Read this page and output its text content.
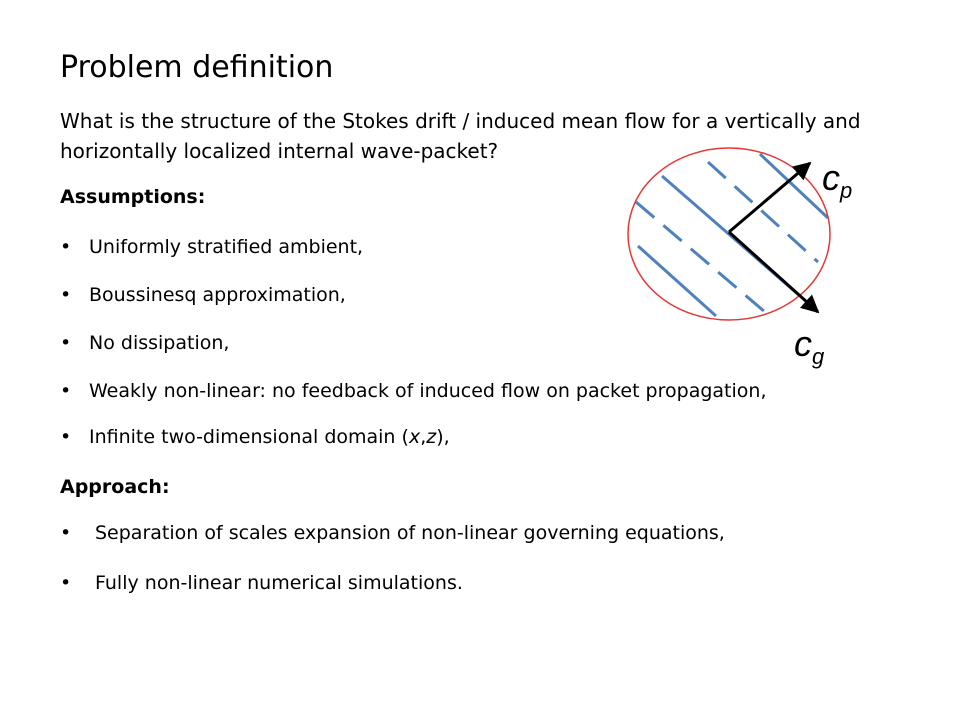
Problem definition
What is the structure of the Stokes drift / induced mean flow for a vertically and horizontally localized internal wave-packet?
Assumptions:
• Uniformly stratified ambient,
• Boussinesq approximation,
• No dissipation,
• Weakly non-linear: no feedback of induced flow on packet propagation,
• Infinite two-dimensional domain (x,z),
Approach:
• Separation of scales expansion of non-linear governing equations,
• Fully non-linear numerical simulations.
$c_p$
$c_g$
